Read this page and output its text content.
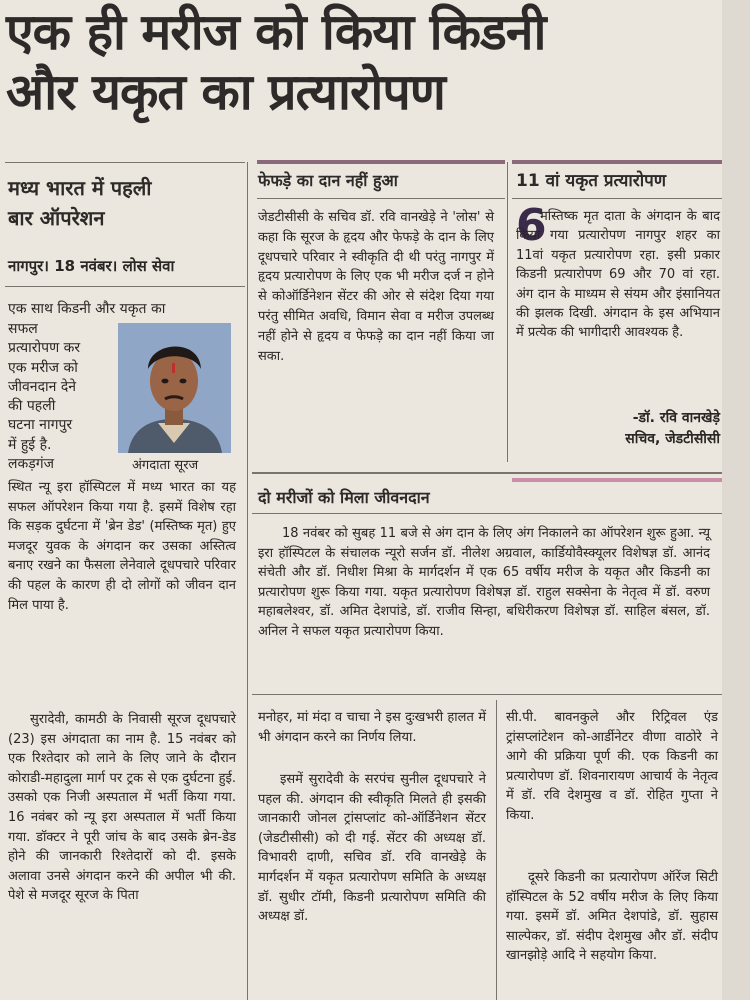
एक ही मरीज को किया किडनी
और यकृत का प्रत्यारोपण
मध्य भारत में पहली
बार ऑपरेशन
नागपुर। 18 नवंबर। लोस सेवा
एक साथ किडनी और यकृत का
सफल
प्रत्यारोपण कर
एक मरीज को
जीवनदान देने
की पहली
घटना नागपुर
में हुई है.
लकड़गंज	अंगदाता सूरज
स्थित न्यू इरा हॉस्पिटल में मध्य भारत का यह सफल ऑपरेशन किया गया है. इसमें विशेष रहा कि सड़क दुर्घटना में 'ब्रेन डेड' (मस्तिष्क मृत) हुए मजदूर युवक के अंगदान कर उसका अस्तित्व बनाए रखने का फैसला लेनेवाले दूधपचारे परिवार की पहल के कारण ही दो लोगों को जीवन दान मिल पाया है.
सुरादेवी, कामठी के निवासी सूरज दूधपचारे (23) इस अंगदाता का नाम है. 15 नवंबर को एक रिश्तेदार को लाने के लिए जाने के दौरान कोराडी-महादुला मार्ग पर ट्रक से एक दुर्घटना हुई. उसको एक निजी अस्पताल में भर्ती किया गया. 16 नवंबर को न्यू इरा अस्पताल में भर्ती किया गया. डॉक्टर ने पूरी जांच के बाद उसके ब्रेन-डेड होने की जानकारी रिश्तेदारों को दी. इसके अलावा उनसे अंगदान करने की अपील भी की. पेशे से मजदूर सूरज के पिता
फेफड़े का दान नहीं हुआ
जेडटीसीसी के सचिव डॉ. रवि वानखेड़े ने 'लोस' से कहा कि सूरज के हृदय और फेफड़े के दान के लिए दूधपचारे परिवार ने स्वीकृति दी थी परंतु नागपुर में हृदय प्रत्यारोपण के लिए एक भी मरीज दर्ज न होने से कोऑर्डिनेशन सेंटर की ओर से संदेश दिया गया परंतु सीमित अवधि, विमान सेवा व मरीज उपलब्ध नहीं होने से हृदय व फेफड़े का दान नहीं किया जा सका.
11 वां यकृत प्रत्यारोपण
6
मस्तिष्क मृत दाता के अंगदान के बाद किया गया प्रत्यारोपण नागपुर शहर का 11वां यकृत प्रत्यारोपण रहा. इसी प्रकार किडनी प्रत्यारोपण 69 और 70 वां रहा. अंग दान के माध्यम से संयम और इंसानियत की झलक दिखी. अंगदान के इस अभियान में प्रत्येक की भागीदारी आवश्यक है.
-डॉ. रवि वानखेड़े
सचिव, जेडटीसीसी
दो मरीजों को मिला जीवनदान
18 नवंबर को सुबह 11 बजे से अंग दान के लिए अंग निकालने का ऑपरेशन शुरू हुआ. न्यू इरा हॉस्पिटल के संचालक न्यूरो सर्जन डॉ. नीलेश अग्रवाल, कार्डियोवैस्क्यूलर विशेषज्ञ डॉ. आनंद संचेती और डॉ. निधीश मिश्रा के मार्गदर्शन में एक 65 वर्षीय मरीज के यकृत और किडनी का प्रत्यारोपण शुरू किया गया. यकृत प्रत्यारोपण विशेषज्ञ डॉ. राहुल सक्सेना के नेतृत्व में डॉ. वरुण महाबलेश्वर, डॉ. अमित देशपांडे, डॉ. राजीव सिन्हा, बधिरीकरण विशेषज्ञ डॉ. साहिल बंसल, डॉ. अनिल ने सफल यकृत प्रत्यारोपण किया.
मनोहर, मां मंदा व चाचा ने इस दुःखभरी हालत में भी अंगदान करने का निर्णय लिया.
इसमें सुरादेवी के सरपंच सुनील दूधपचारे ने पहल की. अंगदान की स्वीकृति मिलते ही इसकी जानकारी जोनल ट्रांसप्लांट को-ऑर्डिनेशन सेंटर (जेडटीसीसी) को दी गई. सेंटर की अध्यक्ष डॉ. विभावरी दाणी, सचिव डॉ. रवि वानखेड़े के मार्गदर्शन में यकृत प्रत्यारोपण समिति के अध्यक्ष डॉ. सुधीर टॉमी, किडनी प्रत्यारोपण समिति की अध्यक्ष डॉ.
सी.पी. बावनकुले और रिट्रिवल एंड ट्रांसप्लांटेशन को-आर्डीनेटर वीणा वाठोरे ने आगे की प्रक्रिया पूर्ण की. एक किडनी का प्रत्यारोपण डॉ. शिवनारायण आचार्य के नेतृत्व में डॉ. रवि देशमुख व डॉ. रोहित गुप्ता ने किया.
दूसरे किडनी का प्रत्यारोपण ऑरेंज सिटी हॉस्पिटल के 52 वर्षीय मरीज के लिए किया गया. इसमें डॉ. अमित देशपांडे, डॉ. सुहास साल्पेकर, डॉ. संदीप देशमुख और डॉ. संदीप खानझोड़े आदि ने सहयोग किया.
